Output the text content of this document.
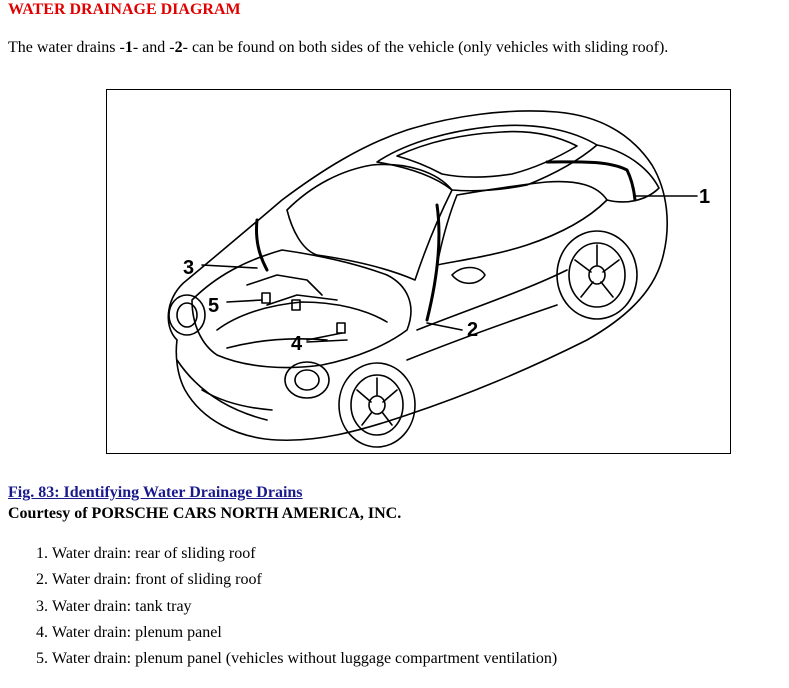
WATER DRAINAGE DIAGRAM
The water drains -1- and -2- can be found on both sides of the vehicle (only vehicles with sliding roof).
1
2
3
4
5
Fig. 83: Identifying Water Drainage Drains
Courtesy of PORSCHE CARS NORTH AMERICA, INC.
1. Water drain: rear of sliding roof
2. Water drain: front of sliding roof
3. Water drain: tank tray
4. Water drain: plenum panel
5. Water drain: plenum panel (vehicles without luggage compartment ventilation)
